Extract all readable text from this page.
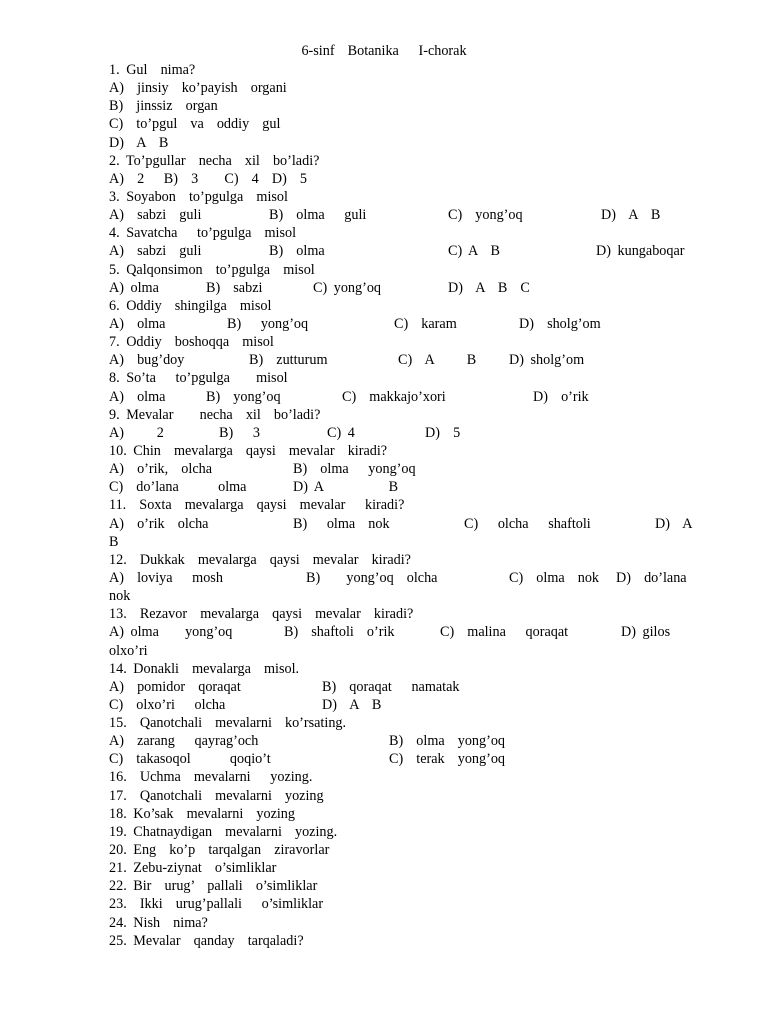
6-sinf  Botanika   I-chorak
1. Gul  nima?
A)  jinsiy  ko’payish  organi
B)  jinssiz  organ
C)  to’pgul  va  oddiy  gul
D)  A  B
2. To’pgullar  necha  xil  bo’ladi?
A)  2   B)  3    C)  4  D)  5
3. Soyabon  to’pgulga  misol
A)  sabzi  guli	B)  olma   guli	C)  yong’oq	D)  A  B
4. Savatcha   to’pgulga  misol
A)  sabzi  guli	B)  olma	C) A  B	D) kungaboqar
5. Qalqonsimon  to’pgulga  misol
A) olma	B)  sabzi	C) yong’oq	D)  A  B  C
6. Oddiy  shingilga  misol
A)  olma	B)   yong’oq	C)  karam	D)  sholg’om
7. Oddiy  boshoqqa  misol
A)  bug’doy	B)  zutturum	C)  A     B D) sholg’om
8. So’ta   to’pgulga    misol
A)  olma	B)  yong’oq	C)  makkajo’xori	D)  o’rik
9. Mevalar    necha  xil  bo’ladi?
A)     2	B)   3	C) 4	D)  5
10. Chin  mevalarga  qaysi  mevalar  kiradi?
A)  o’rik,  olcha	B)  olma   yong’oq
C)  do’lana      olma	D) A          B
11.  Soxta  mevalarga  qaysi  mevalar   kiradi?
A)  o’rik  olcha	B)   olma  nok	C)   olcha   shaftoli	D)  A
B
12.  Dukkak  mevalarga  qaysi  mevalar  kiradi?
A)  loviya   mosh	B)    yong’oq  olcha	C)  olma  nok D)  do’lana
nok
13.  Rezavor  mevalarga  qaysi  mevalar  kiradi?
A) olma    yong’oq	B)  shaftoli  o’rik	C)  malina   qoraqat	D) gilos
olxo’ri
14. Donakli  mevalarga  misol.
A)  pomidor  qoraqat	B)  qoraqat   namatak
C)  olxo’ri   olcha	D)  A  B
15.  Qanotchali  mevalarni  ko’rsating.
A)  zarang   qayrag’och	B)  olma  yong’oq
C)  takasoqol      qoqio’t	C)  terak  yong’oq
16.  Uchma  mevalarni   yozing.
17.  Qanotchali  mevalarni  yozing
18. Ko’sak  mevalarni  yozing
19. Chatnaydigan  mevalarni  yozing.
20. Eng  ko’p  tarqalgan  ziravorlar
21. Zebu-ziynat  o’simliklar
22. Bir  urug’  pallali  o’simliklar
23.  Ikki  urug’pallali   o’simliklar
24. Nish  nima?
25. Mevalar  qanday  tarqaladi?
